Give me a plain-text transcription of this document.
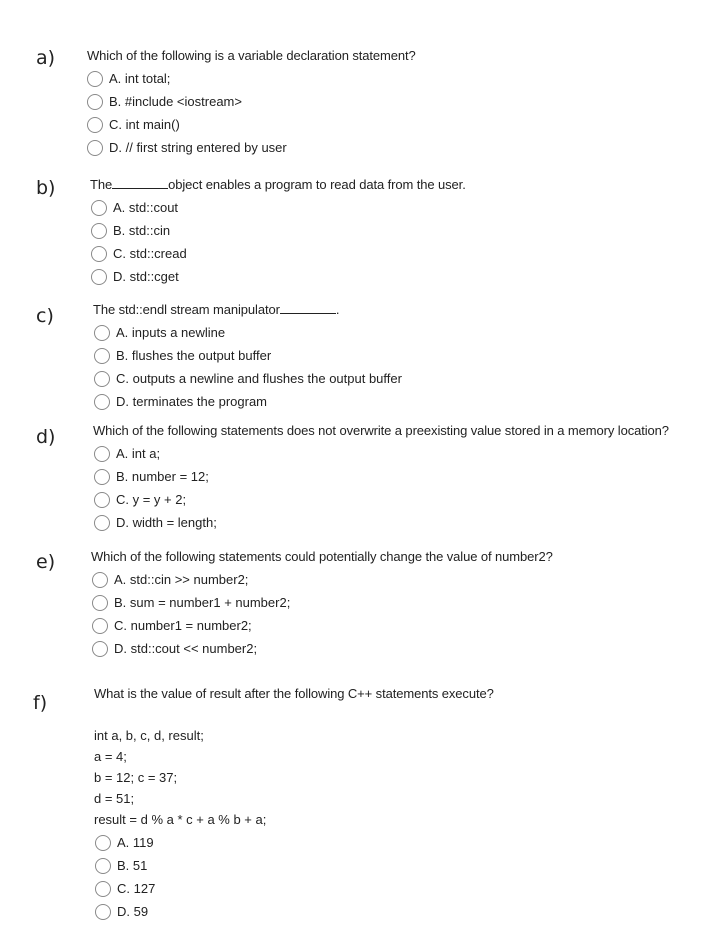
a) Which of the following is a variable declaration statement?
A. int total;
B. #include <iostream>
C. int main()
D. // first string entered by user
b)	The	object enables a program to read data from the user.
A. std::cout
B. std::cin
C. std::cread
D. std::cget
c)	The std::endl stream manipulator	.
A. inputs a newline
B. flushes the output buffer
C. outputs a newline and flushes the output buffer
D. terminates the program
d)	Which of the following statements does not overwrite a preexisting value stored in a memory location?
A. int a;
B. number = 12;
C. y = y + 2;
D. width = length;
e)	Which of the following statements could potentially change the value of number2?
A. std::cin >> number2;
B. sum = number1 + number2;
C. number1 = number2;
D. std::cout << number2;
f)	What is the value of result after the following C++ statements execute?
int a, b, c, d, result;
a = 4;
b = 12; c = 37;
d = 51;
result = d % a * c + a % b + a;
A. 119
B. 51
C. 127
D. 59
